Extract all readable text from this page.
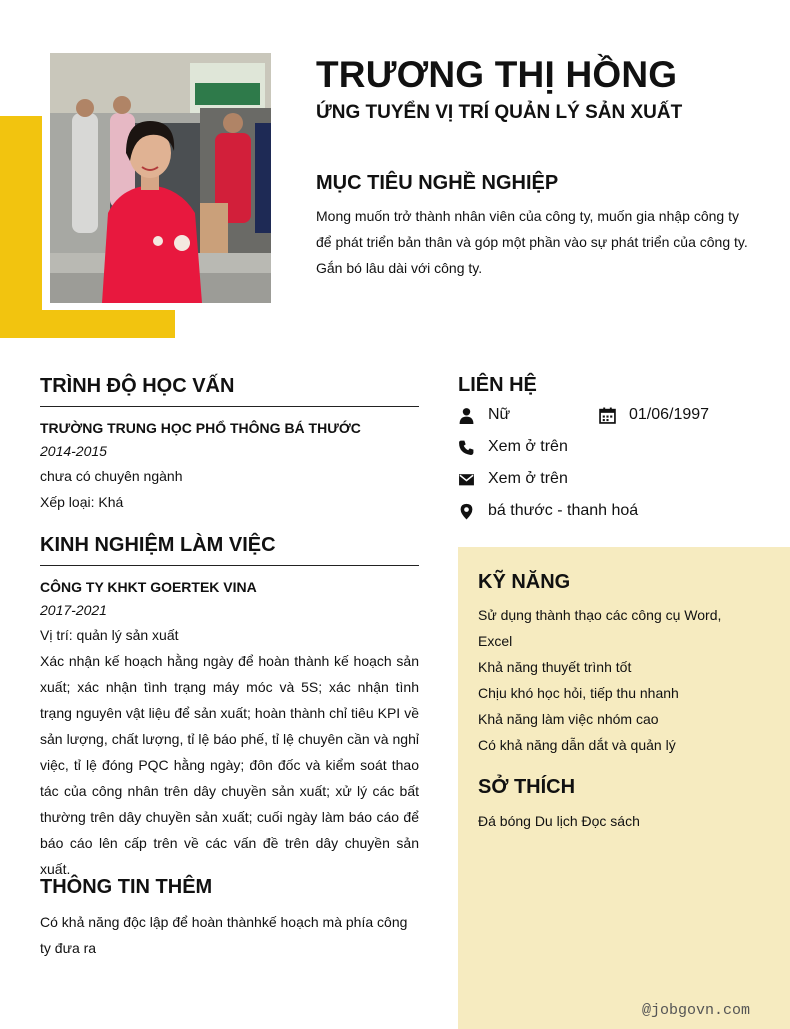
TRƯƠNG THỊ HỒNG
ỨNG TUYỂN VỊ TRÍ QUẢN LÝ SẢN XUẤT
MỤC TIÊU NGHỀ NGHIỆP
Mong muốn trở thành nhân viên của công ty, muốn gia nhập công ty để phát triển bản thân và góp một phần vào sự phát triển của công ty. Gắn bó lâu dài với công ty.
TRÌNH ĐỘ HỌC VẤN
TRƯỜNG TRUNG HỌC PHỔ THÔNG BÁ THƯỚC
2014-2015
chưa có chuyên ngành
Xếp loại: Khá
KINH NGHIỆM LÀM VIỆC
CÔNG TY KHKT GOERTEK VINA
2017-2021
Vị trí: quản lý sản xuất
Xác nhận kế hoạch hằng ngày để hoàn thành kế hoạch sản xuất; xác nhận tình trạng máy móc và 5S; xác nhận tình trạng nguyên vật liệu để sản xuất; hoàn thành chỉ tiêu KPI về sản lượng, chất lượng, tỉ lệ báo phế, tỉ lệ chuyên cần và nghỉ việc, tỉ lệ đóng PQC hằng ngày; đôn đốc và kiểm soát thao tác của công nhân trên dây chuyền sản xuất; xử lý các bất thường trên dây chuyền sản xuất; cuối ngày làm báo cáo để báo cáo lên cấp trên về các vấn đề trên dây chuyền sản xuất.
THÔNG TIN THÊM
Có khả năng độc lập để hoàn thànhkế hoạch mà phía công ty đưa ra
LIÊN HỆ
Nữ	01/06/1997
Xem ở trên
Xem ở trên
bá thước - thanh hoá
KỸ NĂNG
Sử dụng thành thạo các công cụ Word, Excel
Khả năng thuyết trình tốt
Chịu khó học hỏi, tiếp thu nhanh
Khả năng làm việc nhóm cao
Có khả năng dẫn dắt và quản lý
SỞ THÍCH
Đá bóng Du lịch Đọc sách
@jobgovn.com
